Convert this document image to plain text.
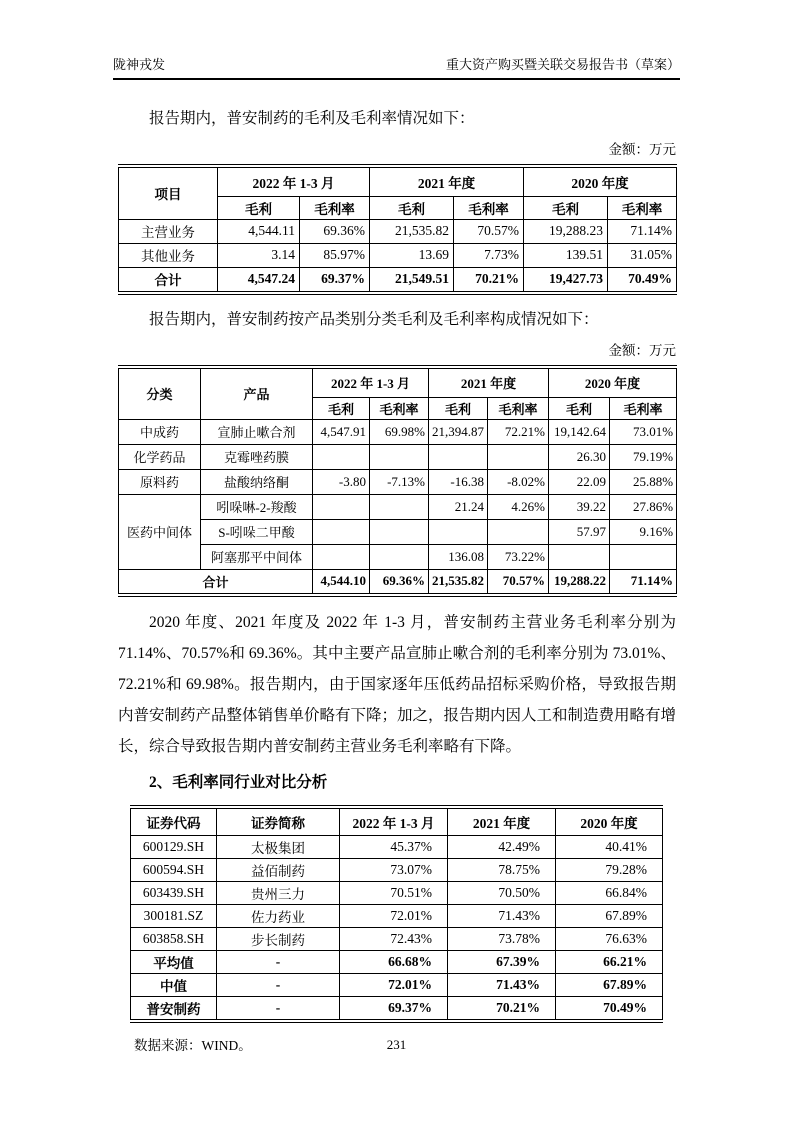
陇神戎发	重大资产购买暨关联交易报告书（草案）

报告期内，普安制药的毛利及毛利率情况如下：

金额：万元
项目	2022 年 1-3 月		2021 年度		2020 年度	
	毛利	毛利率	毛利	毛利率	毛利	毛利率
主营业务	4,544.11	69.36%	21,535.82	70.57%	19,288.23	71.14%
其他业务	3.14	85.97%	13.69	7.73%	139.51	31.05%
合计	4,547.24	69.37%	21,549.51	70.21%	19,427.73	70.49%

报告期内，普安制药按产品类别分类毛利及毛利率构成情况如下：

金额：万元
分类	产品	2022 年 1-3 月		2021 年度		2020 年度	
		毛利	毛利率	毛利	毛利率	毛利	毛利率
中成药	宣肺止嗽合剂	4,547.91	69.98%	21,394.87	72.21%	19,142.64	73.01%
化学药品	克霉唑药膜					26.30	79.19%
原料药	盐酸纳络酮	-3.80	-7.13%	-16.38	-8.02%	22.09	25.88%
医药中间体	吲哚啉-2-羧酸			21.24	4.26%	39.22	27.86%
	S-吲哚二甲酸					57.97	9.16%
	阿塞那平中间体			136.08	73.22%		
合计		4,544.10	69.36%	21,535.82	70.57%	19,288.22	71.14%

2020 年度、2021 年度及 2022 年 1-3 月，普安制药主营业务毛利率分别为 71.14%、70.57%和 69.36%。其中主要产品宣肺止嗽合剂的毛利率分别为 73.01%、72.21%和 69.98%。报告期内，由于国家逐年压低药品招标采购价格，导致报告期内普安制药产品整体销售单价略有下降；加之，报告期内因人工和制造费用略有增长，综合导致报告期内普安制药主营业务毛利率略有下降。

2、毛利率同行业对比分析

证券代码	证券简称	2022 年 1-3 月	2021 年度	2020 年度
600129.SH	太极集团	45.37%	42.49%	40.41%
600594.SH	益佰制药	73.07%	78.75%	79.28%
603439.SH	贵州三力	70.51%	70.50%	66.84%
300181.SZ	佐力药业	72.01%	71.43%	67.89%
603858.SH	步长制药	72.43%	73.78%	76.63%
平均值	-	66.68%	67.39%	66.21%
中值	-	72.01%	71.43%	67.89%
普安制药	-	69.37%	70.21%	70.49%

数据来源：WIND。	231
